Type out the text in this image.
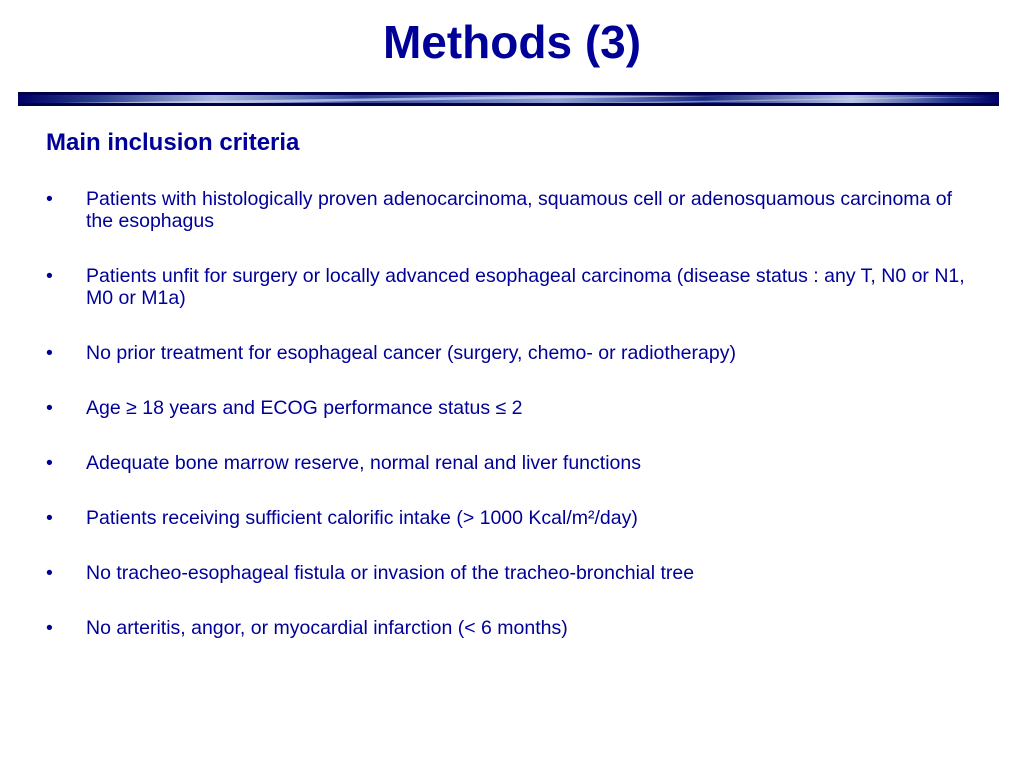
Methods (3)
Main inclusion criteria
• Patients with histologically proven adenocarcinoma, squamous cell or adenosquamous carcinoma of the esophagus
• Patients unfit for surgery or locally advanced esophageal carcinoma (disease status : any T, N0 or N1, M0 or M1a)
• No prior treatment for esophageal cancer (surgery, chemo- or radiotherapy)
• Age ≥ 18 years and ECOG performance status ≤ 2
• Adequate bone marrow reserve, normal renal and liver functions
• Patients receiving sufficient calorific intake (> 1000 Kcal/m²/day)
• No tracheo-esophageal fistula or invasion of the tracheo-bronchial tree
• No arteritis, angor, or myocardial infarction (< 6 months)
